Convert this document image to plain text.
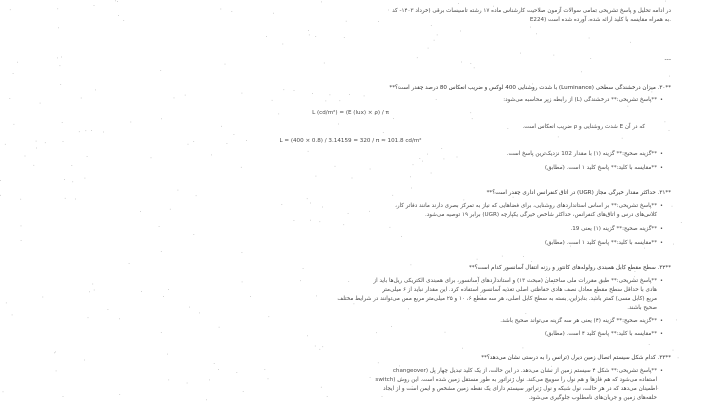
در ادامه تحلیل و پاسخ تشریحی تمامی سوالات آزمون صلاحیت کارشناس ماده ۱۷ رشته تاسیسات برقی (خرداد ۱۴۰۳- کد
E224) به همراه مقایسه با کلید ارائه شده، آورده شده است.
---
**۳۰. میزان درخشندگی سطحی (Luminance) با شدت روشنایی 400 لوکس و ضریب انعکاس 80 درصد چقدر است؟**
•
**پاسخ تشریحی:** درخشندگی (L) از رابطه زیر محاسبه می‌شود:
L (cd/m²) = (E (lux) × ρ) / π
که در آن E شدت روشنایی و ρ ضریب انعکاس است.
L = (400 × 0.8) / 3.14159 = 320 / π ≈ 101.8 cd/m²
•
**گزینه صحیح:** گزینه (۱) با مقدار 102 نزدیک‌ترین پاسخ است.
•
**مقایسه با کلید:** پاسخ کلید ۱ است. (مطابق)
**۳۱. حداکثر مقدار خیرگی مجاز (UGR) در اتاق کنفرانس اداری چقدر است؟**
•
**پاسخ تشریحی:** بر اساس استانداردهای روشنایی، برای فضاهایی که نیاز به تمرکز بصری دارند مانند دفاتر کار،
کلاس‌های درس و اتاق‌های کنفرانس، حداکثر شاخص خیرگی یکپارچه (UGR) برابر ۱۹ توصیه می‌شود.
•
**گزینه صحیح:** گزینه (۱) یعنی 19.
•
**مقایسه با کلید:** پاسخ کلید ۱ است. (مطابق)
**۳۲. سطح مقطع کابل همبندی رولوله‌های کانتور و رزنه انتقال آسانسور کدام است؟**
•
**پاسخ تشریحی:** طبق مقررات ملی ساختمان (مبحث ۱۳) و استانداردهای آسانسور، برای همبندی الکتریکی ریل‌ها باید از
هادی با حداقل سطح مقطع معادل نصف هادی حفاظتی اصلی تغذیه آسانسور استفاده کرد. این مقدار نباید از ۶ میلی‌متر
مربع (کابل مسی) کمتر باشد. بنابراین، بسته به سطح کابل اصلی، هر سه مقطع ۶، ۱۰ و ۲۵ میلی‌متر مربع مس می‌توانند در شرایط مختلف
صحیح باشند.
•
**گزینه صحیح:** گزینه (۴) یعنی هر سه گزینه می‌تواند صحیح باشد.
•
**مقایسه با کلید:** پاسخ کلید ۴ است. (مطابق)
**۳۳. کدام شکل سیستم اتصال زمین دیرل (ترانس را به درستی نشان می‌دهد؟**
•
**پاسخ تشریحی:** شکل ۴ سیستم زمین از نشان می‌دهد. در این حالت، از یک کلید تبدیل چهار پل (changeover
switch) استفاده می‌شود که هم فازها و هم نول را سوییچ می‌کند. نول ژنراتور به طور مستقل زمین شده است. این روش
اطمینان می‌دهد که در هر حالت، نول شبکه و نول ژنراتور سیستم دارای یک نقطه زمین مشخص و ایمن است و از ایجاد
حلقه‌های زمین و جریان‌های نامطلوب جلوگیری می‌شود.
